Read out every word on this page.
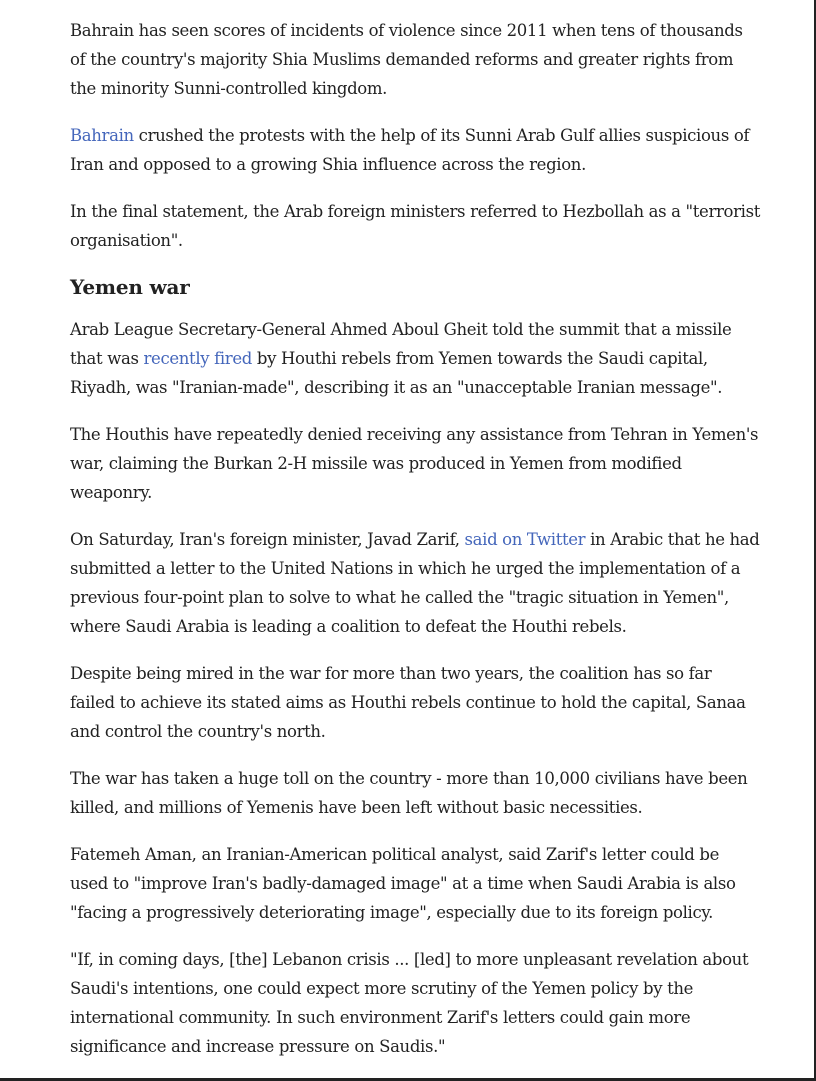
Bahrain has seen scores of incidents of violence since 2011 when tens of thousands of the country's majority Shia Muslims demanded reforms and greater rights from the minority Sunni-controlled kingdom.

Bahrain crushed the protests with the help of its Sunni Arab Gulf allies suspicious of Iran and opposed to a growing Shia influence across the region.

In the final statement, the Arab foreign ministers referred to Hezbollah as a "terrorist organisation".

Yemen war

Arab League Secretary-General Ahmed Aboul Gheit told the summit that a missile that was recently fired by Houthi rebels from Yemen towards the Saudi capital, Riyadh, was "Iranian-made", describing it as an "unacceptable Iranian message".

The Houthis have repeatedly denied receiving any assistance from Tehran in Yemen's war, claiming the Burkan 2-H missile was produced in Yemen from modified weaponry.

On Saturday, Iran's foreign minister, Javad Zarif, said on Twitter in Arabic that he had submitted a letter to the United Nations in which he urged the implementation of a previous four-point plan to solve to what he called the "tragic situation in Yemen", where Saudi Arabia is leading a coalition to defeat the Houthi rebels.

Despite being mired in the war for more than two years, the coalition has so far failed to achieve its stated aims as Houthi rebels continue to hold the capital, Sanaa and control the country's north.

The war has taken a huge toll on the country - more than 10,000 civilians have been killed, and millions of Yemenis have been left without basic necessities.

Fatemeh Aman, an Iranian-American political analyst, said Zarif's letter could be used to "improve Iran's badly-damaged image" at a time when Saudi Arabia is also "facing a progressively deteriorating image", especially due to its foreign policy.

"If, in coming days, [the] Lebanon crisis ... [led] to more unpleasant revelation about Saudi's intentions, one could expect more scrutiny of the Yemen policy by the international community. In such environment Zarif's letters could gain more significance and increase pressure on Saudis."
